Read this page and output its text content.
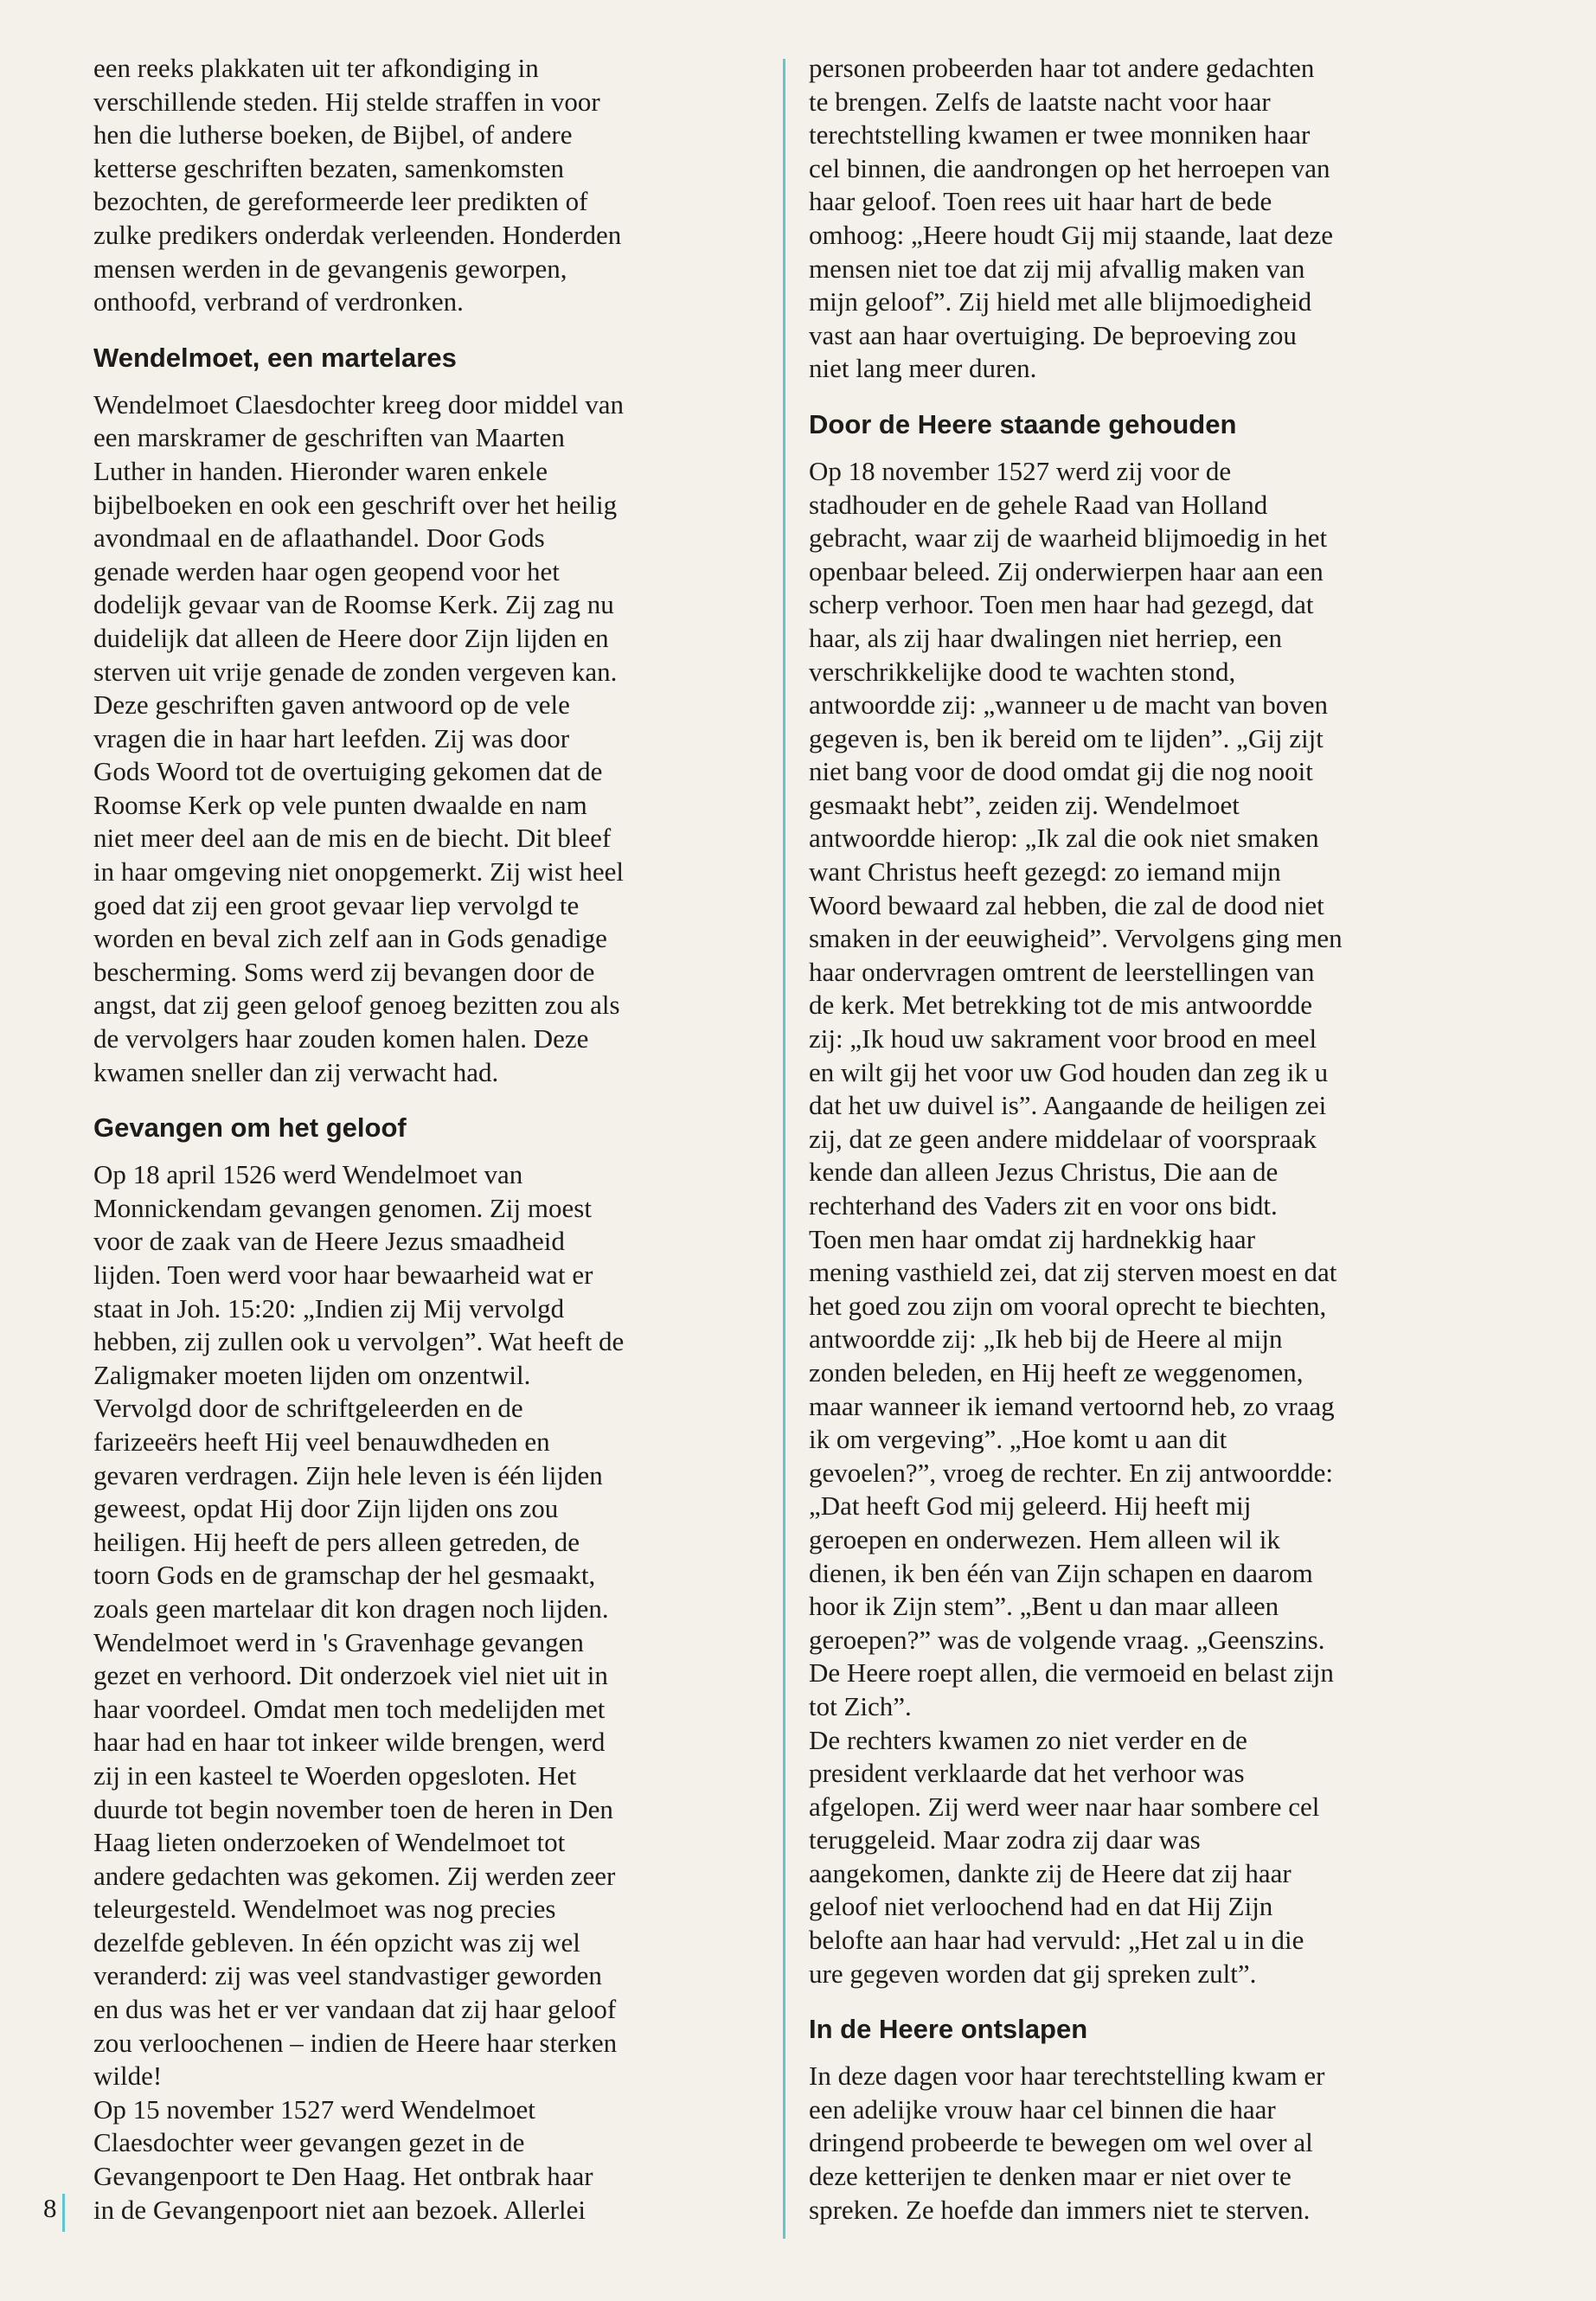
een reeks plakkaten uit ter afkondiging in
verschillende steden. Hij stelde straffen in voor
hen die lutherse boeken, de Bijbel, of andere
ketterse geschriften bezaten, samenkomsten
bezochten, de gereformeerde leer predikten of
zulke predikers onderdak verleenden. Honderden
mensen werden in de gevangenis geworpen,
onthoofd, verbrand of verdronken.

Wendelmoet, een martelares

Wendelmoet Claesdochter kreeg door middel van
een marskramer de geschriften van Maarten
Luther in handen. Hieronder waren enkele
bijbelboeken en ook een geschrift over het heilig
avondmaal en de aflaathandel. Door Gods
genade werden haar ogen geopend voor het
dodelijk gevaar van de Roomse Kerk. Zij zag nu
duidelijk dat alleen de Heere door Zijn lijden en
sterven uit vrije genade de zonden vergeven kan.
Deze geschriften gaven antwoord op de vele
vragen die in haar hart leefden. Zij was door
Gods Woord tot de overtuiging gekomen dat de
Roomse Kerk op vele punten dwaalde en nam
niet meer deel aan de mis en de biecht. Dit bleef
in haar omgeving niet onopgemerkt. Zij wist heel
goed dat zij een groot gevaar liep vervolgd te
worden en beval zich zelf aan in Gods genadige
bescherming. Soms werd zij bevangen door de
angst, dat zij geen geloof genoeg bezitten zou als
de vervolgers haar zouden komen halen. Deze
kwamen sneller dan zij verwacht had.

Gevangen om het geloof

Op 18 april 1526 werd Wendelmoet van
Monnickendam gevangen genomen. Zij moest
voor de zaak van de Heere Jezus smaadheid
lijden. Toen werd voor haar bewaarheid wat er
staat in Joh. 15:20: „Indien zij Mij vervolgd
hebben, zij zullen ook u vervolgen”. Wat heeft de
Zaligmaker moeten lijden om onzentwil.
Vervolgd door de schriftgeleerden en de
farizeeërs heeft Hij veel benauwdheden en
gevaren verdragen. Zijn hele leven is één lijden
geweest, opdat Hij door Zijn lijden ons zou
heiligen. Hij heeft de pers alleen getreden, de
toorn Gods en de gramschap der hel gesmaakt,
zoals geen martelaar dit kon dragen noch lijden.
Wendelmoet werd in 's Gravenhage gevangen
gezet en verhoord. Dit onderzoek viel niet uit in
haar voordeel. Omdat men toch medelijden met
haar had en haar tot inkeer wilde brengen, werd
zij in een kasteel te Woerden opgesloten. Het
duurde tot begin november toen de heren in Den
Haag lieten onderzoeken of Wendelmoet tot
andere gedachten was gekomen. Zij werden zeer
teleurgesteld. Wendelmoet was nog precies
dezelfde gebleven. In één opzicht was zij wel
veranderd: zij was veel standvastiger geworden
en dus was het er ver vandaan dat zij haar geloof
zou verloochenen – indien de Heere haar sterken
wilde!
Op 15 november 1527 werd Wendelmoet
Claesdochter weer gevangen gezet in de
Gevangenpoort te Den Haag. Het ontbrak haar
in de Gevangenpoort niet aan bezoek. Allerlei

personen probeerden haar tot andere gedachten
te brengen. Zelfs de laatste nacht voor haar
terechtstelling kwamen er twee monniken haar
cel binnen, die aandrongen op het herroepen van
haar geloof. Toen rees uit haar hart de bede
omhoog: „Heere houdt Gij mij staande, laat deze
mensen niet toe dat zij mij afvallig maken van
mijn geloof”. Zij hield met alle blijmoedigheid
vast aan haar overtuiging. De beproeving zou
niet lang meer duren.

Door de Heere staande gehouden

Op 18 november 1527 werd zij voor de
stadhouder en de gehele Raad van Holland
gebracht, waar zij de waarheid blijmoedig in het
openbaar beleed. Zij onderwierpen haar aan een
scherp verhoor. Toen men haar had gezegd, dat
haar, als zij haar dwalingen niet herriep, een
verschrikkelijke dood te wachten stond,
antwoordde zij: „wanneer u de macht van boven
gegeven is, ben ik bereid om te lijden”. „Gij zijt
niet bang voor de dood omdat gij die nog nooit
gesmaakt hebt”, zeiden zij. Wendelmoet
antwoordde hierop: „Ik zal die ook niet smaken
want Christus heeft gezegd: zo iemand mijn
Woord bewaard zal hebben, die zal de dood niet
smaken in der eeuwigheid”. Vervolgens ging men
haar ondervragen omtrent de leerstellingen van
de kerk. Met betrekking tot de mis antwoordde
zij: „Ik houd uw sakrament voor brood en meel
en wilt gij het voor uw God houden dan zeg ik u
dat het uw duivel is”. Aangaande de heiligen zei
zij, dat ze geen andere middelaar of voorspraak
kende dan alleen Jezus Christus, Die aan de
rechterhand des Vaders zit en voor ons bidt.
Toen men haar omdat zij hardnekkig haar
mening vasthield zei, dat zij sterven moest en dat
het goed zou zijn om vooral oprecht te biechten,
antwoordde zij: „Ik heb bij de Heere al mijn
zonden beleden, en Hij heeft ze weggenomen,
maar wanneer ik iemand vertoornd heb, zo vraag
ik om vergeving”. „Hoe komt u aan dit
gevoelen?”, vroeg de rechter. En zij antwoordde:
„Dat heeft God mij geleerd. Hij heeft mij
geroepen en onderwezen. Hem alleen wil ik
dienen, ik ben één van Zijn schapen en daarom
hoor ik Zijn stem”. „Bent u dan maar alleen
geroepen?” was de volgende vraag. „Geenszins.
De Heere roept allen, die vermoeid en belast zijn
tot Zich”.
De rechters kwamen zo niet verder en de
president verklaarde dat het verhoor was
afgelopen. Zij werd weer naar haar sombere cel
teruggeleid. Maar zodra zij daar was
aangekomen, dankte zij de Heere dat zij haar
geloof niet verloochend had en dat Hij Zijn
belofte aan haar had vervuld: „Het zal u in die
ure gegeven worden dat gij spreken zult”.

In de Heere ontslapen

In deze dagen voor haar terechtstelling kwam er
een adelijke vrouw haar cel binnen die haar
dringend probeerde te bewegen om wel over al
deze ketterijen te denken maar er niet over te
spreken. Ze hoefde dan immers niet te sterven.

8
